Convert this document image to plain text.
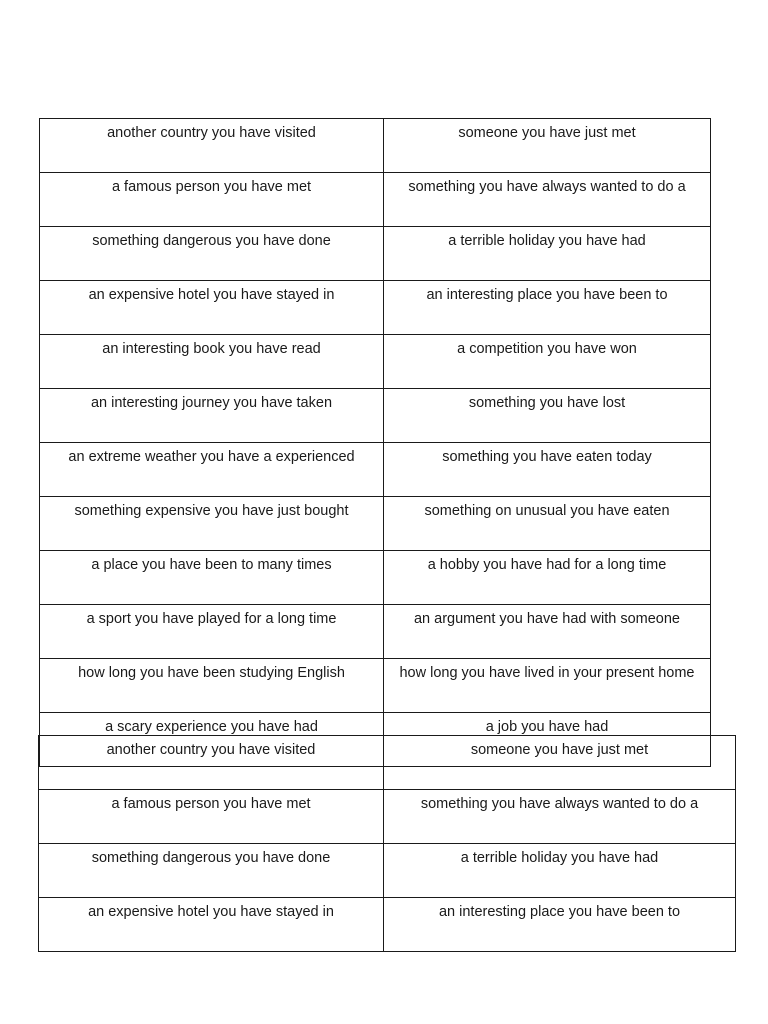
another country you have visited	someone you have just met
a famous person you have met	something you have always wanted to do a
something dangerous you have done	a terrible holiday you have had
an expensive hotel you have stayed in	an interesting place you have been to
an interesting book you have read	a competition you have won
an interesting journey you have taken	something you have lost
an extreme weather you have a experienced	something you have eaten today
something expensive you have just bought	something on unusual you have eaten
a place you have been to many times	a hobby you have had for a long time
a sport you have played for a long time	an argument you have had with someone
how long you have been studying English	how long you have lived in your present home
a scary experience you have had	a job you have had
another country you have visited	someone you have just met
a famous person you have met	something you have always wanted to do a
something dangerous you have done	a terrible holiday you have had
an expensive hotel you have stayed in	an interesting place you have been to
